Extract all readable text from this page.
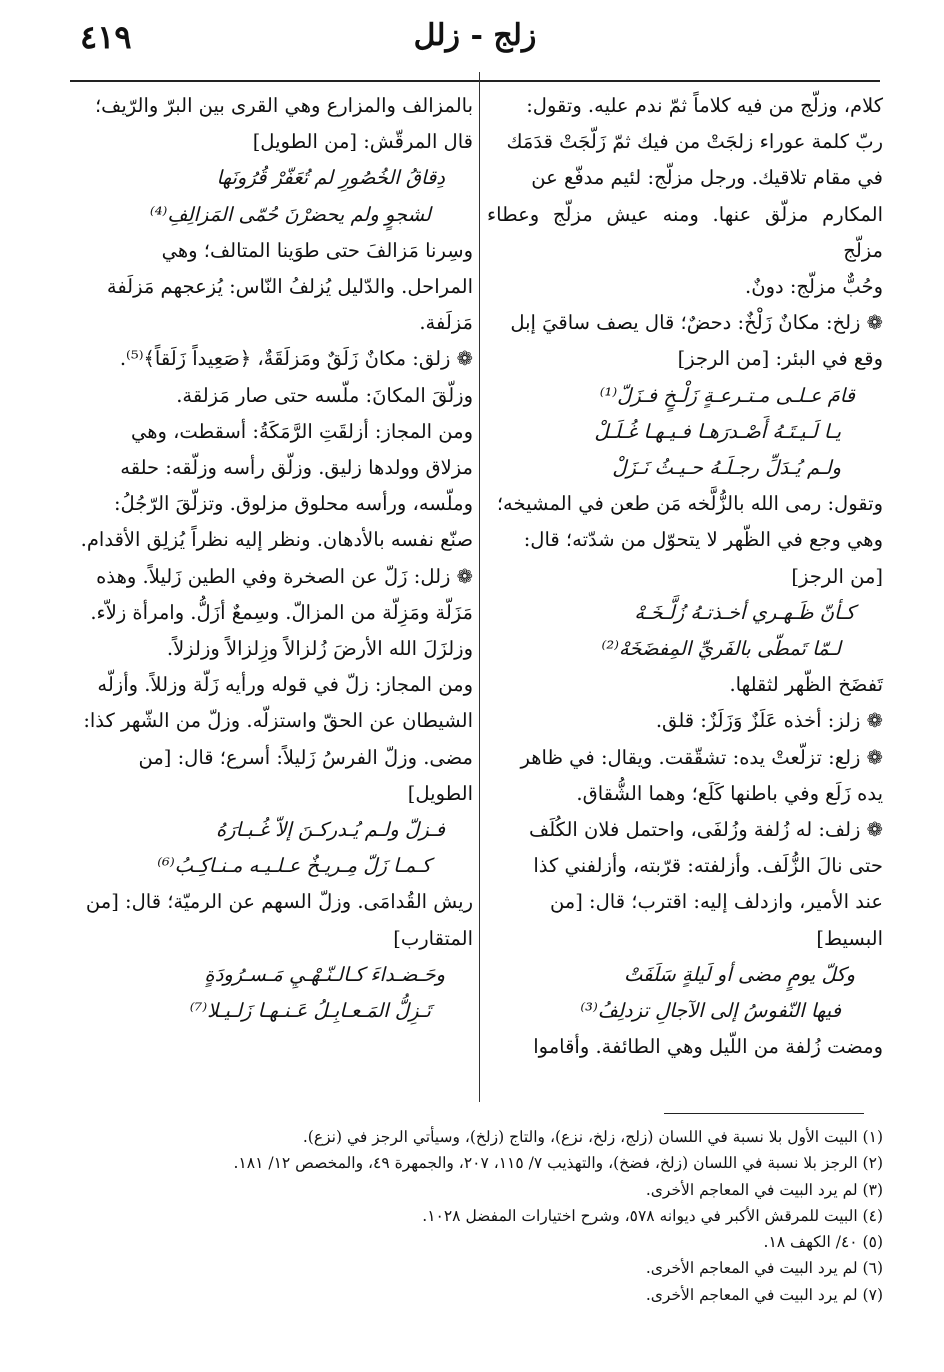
٤١٩	زلج - زلل

كلام، وزلّج من فيه كلاماً ثمّ ندم عليه. وتقول:

ربّ كلمة عوراء زلجَتْ من فيك ثمّ زَلّجَتْ قدَمَك

في مقام تلاقيك. ورجل مزلّج: لئيم مدفّع عن

المكارم مزلّق عنها. ومنه عيش مزلّج وعطاء مزلّج

وحُبٌّ مزلّج: دونٌ.

❁ زلخ: مكانٌ زَلْخٌ: دحضٌ؛ قال يصف ساقيَ إبل

وقع في البئر: [من الرجز]

قامَ عـلـى مـتـرعـةٍ زَلْـخٍ فـزَلّ⁽¹⁾

يـا لَـيـتَـهُ أَصْـدرَهـا فـيـهـا غُـلَـلْ

ولـم يُـدَلِّ رجـلَـهُ حـيـثُ نَـزَلْ

وتقول: رمى الله بالزُّلَّخه مَن طعن في المشيخه؛

وهي وجع في الظّهر لا يتحوّل من شدّته؛ قال:

[من الرجز]

كـأنّ ظَـهـري أخـذتـهُ زُلَّـخَـهْ

لـمّا تَمطّى بالفَريِّ المِفضَخَهْ⁽²⁾

تَفضَخ الظّهر لثقلها.

❁ زلز: أخذه عَلَزٌ وَزَلَزٌ: قلق.

❁ زلع: تزلّعتْ يده: تشقّقت. ويقال: في ظاهر

يده زَلَع وفي باطنها كَلَع؛ وهما الشُّقاق.

❁ زلف: له زُلفة وزُلفَى، واحتمل فلان الكُلَف

حتى نالَ الزُّلَف. وأزلفته: قرّبته، وأزلفني كذا

عند الأمير، وازدلف إليه: اقترب؛ قال: [من

البسيط]

وكلّ يومٍ مضى أو لَيلةٍ سَلَفَتْ

فيها النّفوسُ إلى الآجالِ تزدلِفُ⁽³⁾

ومضت زُلفة من اللّيل وهي الطائفة. وأقاموا

بالمزالف والمزارع وهي القرى بين البرّ والرّيف؛

قال المرقّش: [من الطويل]

دِقاقُ الخُصُورِ لم تُعَفّرْ قُرُونَها

لشجوٍ ولم يحضرْنَ حُمّى المَزالِفِ⁽⁴⁾

وسِرنا مَزالفَ حتى طوَينا المتالف؛ وهي

المراحل. والدّليل يُزلفُ النّاس: يُزعجهم مَزلَفة

مَزلَفة.

❁ زلق: مكانٌ زَلَقٌ ومَزلَقَةٌ، ﴿صَعِيداً زَلَقاً﴾⁽⁵⁾.

وزلّقَ المكانَ: ملّسه حتى صار مَزلقة.

ومن المجاز: أزلقَتِ الرَّمَكَةُ: أسقطت، وهي

مزلاق وولدها زليق. وزلّق رأسه وزلّقه: حلقه

وملّسه، ورأسه محلوق مزلوق. وتزلّقَ الرّجُلُ:

صنّع نفسه بالأدهان. ونظر إليه نظراً يُزلِق الأقدام.

❁ زلل: زَلّ عن الصخرة وفي الطين زَليلاً. وهذه

مَزَلّة ومَزِلّة من المزالّ. وسِمعٌ أزَلُّ. وامرأة زلاّء.

وزلزَلَ الله الأرضَ زُلزالاً وزِلزالاً وزلزلاً.

ومن المجاز: زلّ في قوله ورأيه زَلّة وزللاً. وأزلّه

الشيطان عن الحقّ واستزلّه. وزلّ من الشّهر كذا:

مضى. وزلّ الفرسُ زَليلاً: أسرع؛ قال: [من

الطويل]

فـزلّ ولـم يُـدركـنَ إلاّ غُـبـارَهُ

كـمـا زَلّ مِـريـخٌ عـلـيـه مـنـاكِـبُ⁽⁶⁾

ريش القُدامَى. وزلّ السهم عن الرميّة؛ قال: [من

المتقارب]

وحَـضـداءَ كـالـنّـهْـيِ مَـسـرُودَةٍ

تَـزِلُّ المَـعـابِـلُ عَـنـهـا زَلـيـلا⁽⁷⁾

(١) البيت الأول بلا نسبة في اللسان (زلج، زلخ، نزع)، والتاج (زلخ)، وسيأتي الرجز في (نزع).

(٢) الرجز بلا نسبة في اللسان (زلخ، فضخ)، والتهذيب ٧/ ١١٥، ٢٠٧، والجمهرة ٤٩، والمخصص ١٢/ ١٨١.

(٣) لم يرد البيت في المعاجم الأخرى.

(٤) البيت للمرقش الأكبر في ديوانه ٥٧٨، وشرح اختيارات المفضل ١٠٢٨.

(٥) ٤٠/ الكهف ١٨.

(٦) لم يرد البيت في المعاجم الأخرى.

(٧) لم يرد البيت في المعاجم الأخرى.
